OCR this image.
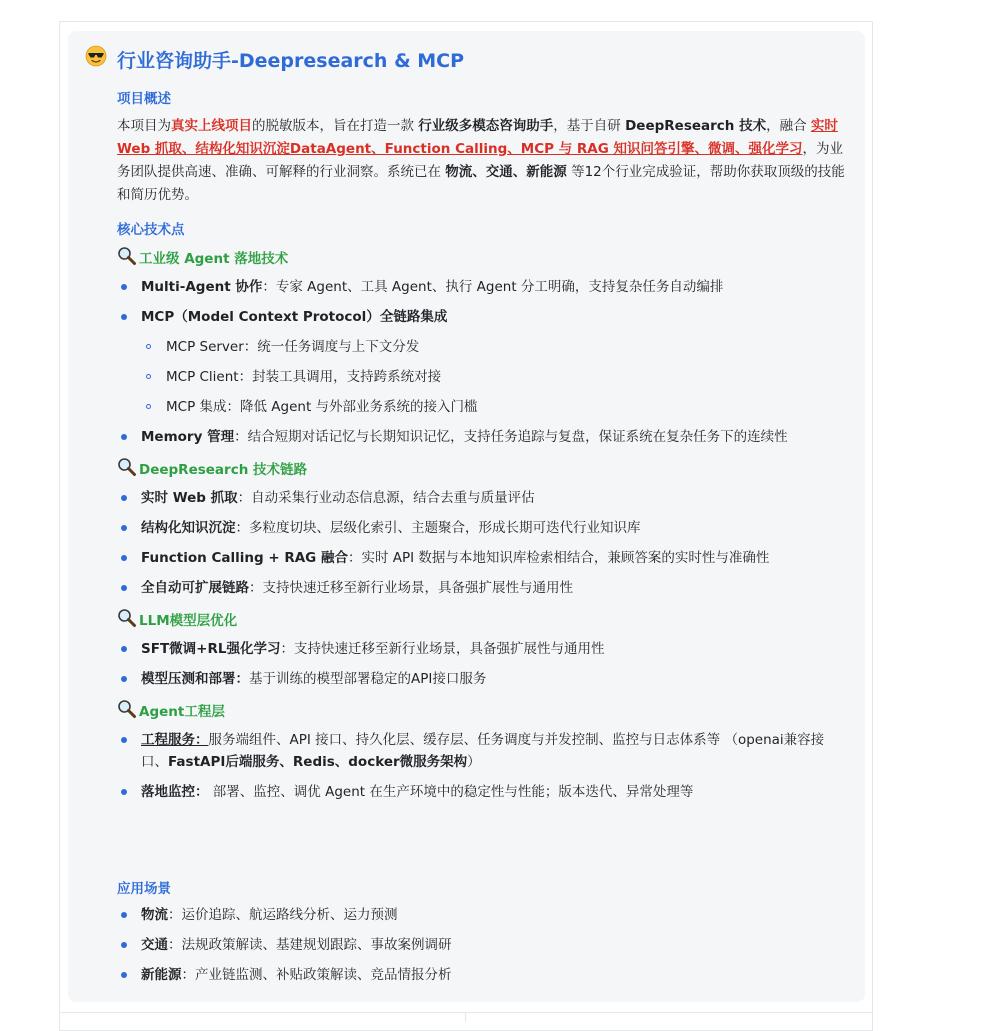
行业咨询助手-Deepresearch & MCP
项目概述
本项目为真实上线项目的脱敏版本，旨在打造一款 行业级多模态咨询助手，基于自研 DeepResearch 技术，融合 实时 Web 抓取、结构化知识沉淀DataAgent、Function Calling、MCP 与 RAG 知识问答引擎、微调、强化学习，为业务团队提供高速、准确、可解释的行业洞察。系统已在 物流、交通、新能源 等12个行业完成验证，帮助你获取顶级的技能和简历优势。
核心技术点
工业级 Agent 落地技术
Multi-Agent 协作：专家 Agent、工具 Agent、执行 Agent 分工明确，支持复杂任务自动编排
MCP（Model Context Protocol）全链路集成
MCP Server：统一任务调度与上下文分发
MCP Client：封装工具调用，支持跨系统对接
MCP 集成：降低 Agent 与外部业务系统的接入门槛
Memory 管理：结合短期对话记忆与长期知识记忆，支持任务追踪与复盘，保证系统在复杂任务下的连续性
DeepResearch 技术链路
实时 Web 抓取：自动采集行业动态信息源，结合去重与质量评估
结构化知识沉淀：多粒度切块、层级化索引、主题聚合，形成长期可迭代行业知识库
Function Calling + RAG 融合：实时 API 数据与本地知识库检索相结合，兼顾答案的实时性与准确性
全自动可扩展链路：支持快速迁移至新行业场景，具备强扩展性与通用性
LLM模型层优化
SFT微调+RL强化学习：支持快速迁移至新行业场景，具备强扩展性与通用性
模型压测和部署：基于训练的模型部署稳定的API接口服务
Agent工程层
工程服务：服务端组件、API 接口、持久化层、缓存层、任务调度与并发控制、监控与日志体系等 （openai兼容接口、FastAPI后端服务、Redis、docker微服务架构）
落地监控： 部署、监控、调优 Agent 在生产环境中的稳定性与性能；版本迭代、异常处理等
应用场景
物流：运价追踪、航运路线分析、运力预测
交通：法规政策解读、基建规划跟踪、事故案例调研
新能源：产业链监测、补贴政策解读、竞品情报分析
